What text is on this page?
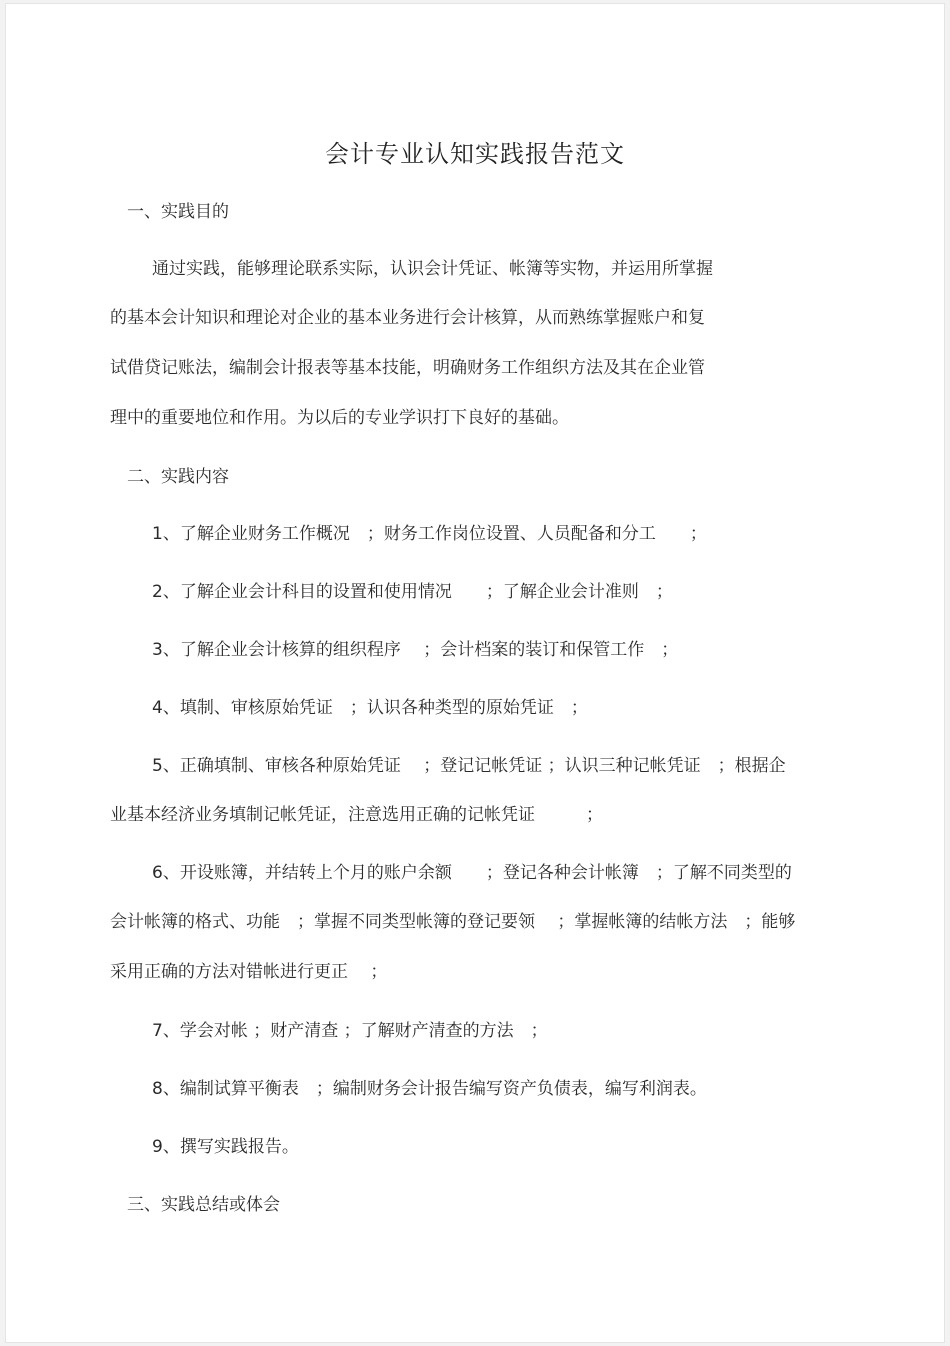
会计专业认知实践报告范文
一、实践目的
通过实践，能够理论联系实际，认识会计凭证、帐簿等实物，并运用所掌握
的基本会计知识和理论对企业的基本业务进行会计核算，从而熟练掌握账户和复
试借贷记账法，编制会计报表等基本技能，明确财务工作组织方法及其在企业管
理中的重要地位和作用。为以后的专业学识打下良好的基础。
二、实践内容
1、了解企业财务工作概况　；财务工作岗位设置、人员配备和分工　　；
2、了解企业会计科目的设置和使用情况　　；了解企业会计准则　；
3、了解企业会计核算的组织程序　 ；会计档案的装订和保管工作　；
4、填制、审核原始凭证　；认识各种类型的原始凭证　；
5、正确填制、审核各种原始凭证　 ；登记记帐凭证 ；认识三种记帐凭证　；根据企
业基本经济业务填制记帐凭证，注意选用正确的记帐凭证　　　；
6、开设账簿，并结转上个月的账户余额　　；登记各种会计帐簿　；了解不同类型的
会计帐簿的格式、功能　；掌握不同类型帐簿的登记要领　 ；掌握帐簿的结帐方法　；能够
采用正确的方法对错帐进行更正　 ；
7、学会对帐 ；财产清查 ；了解财产清查的方法　；
8、编制试算平衡表　；编制财务会计报告编写资产负债表，编写利润表。
9、撰写实践报告。
三、实践总结或体会
